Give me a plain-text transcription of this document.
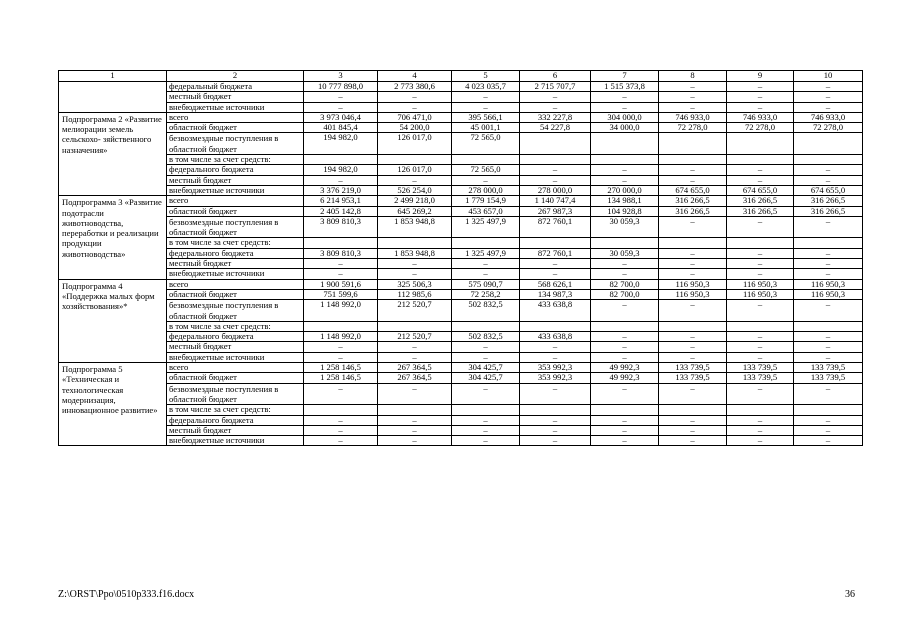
1	2	3	4	5	6	7	8	9	10
	федеральный бюджета	10 777 898,0	2 773 380,6	4 023 035,7	2 715 707,7	1 515 373,8	–	–	–
	местный бюджет	–	–	–	–	–	–	–	–
	внебюджетные источники	–	–	–	–	–	–	–	–
Подпрограмма 2 «Развитие мелиорации земель сельскохо- зяйственного назначения»	всего	3 973 046,4	706 471,0	395 566,1	332 227,8	304 000,0	746 933,0	746 933,0	746 933,0
	областной бюджет	401 845,4	54 200,0	45 001,1	54 227,8	34 000,0	72 278,0	72 278,0	72 278,0
	безвозмездные поступления в областной бюджет	194 982,0	126 017,0	72 565,0					
	в том числе за счет средств:								
	федерального бюджета	194 982,0	126 017,0	72 565,0	–	–	–	–	–
	местный бюджет	–	–	–	–	–	–	–	–
	внебюджетные источники	3 376 219,0	526 254,0	278 000,0	278 000,0	270 000,0	674 655,0	674 655,0	674 655,0
Подпрограмма 3 «Развитие подотрасли животноводства, переработки и реализации продукции животноводства»	всего	6 214 953,1	2 499 218,0	1 779 154,9	1 140 747,4	134 988,1	316 266,5	316 266,5	316 266,5
	областной бюджет	2 405 142,8	645 269,2	453 657,0	267 987,3	104 928,8	316 266,5	316 266,5	316 266,5
	безвозмездные поступления в областной бюджет	3 809 810,3	1 853 948,8	1 325 497,9	872 760,1	30 059,3	–	–	–
	в том числе за счет средств:								
	федерального бюджета	3 809 810,3	1 853 948,8	1 325 497,9	872 760,1	30 059,3	–	–	–
	местный бюджет	–	–	–	–	–	–	–	–
	внебюджетные источники	–	–	–	–	–	–	–	–
Подпрограмма 4 «Поддержка малых форм хозяйствования»*	всего	1 900 591,6	325 506,3	575 090,7	568 626,1	82 700,0	116 950,3	116 950,3	116 950,3
	областной бюджет	751 599,6	112 985,6	72 258,2	134 987,3	82 700,0	116 950,3	116 950,3	116 950,3
	безвозмездные поступления в областной бюджет	1 148 992,0	212 520,7	502 832,5	433 638,8	–	–	–	–
	в том числе за счет средств:								
	федерального бюджета	1 148 992,0	212 520,7	502 832,5	433 638,8	–	–	–	–
	местный бюджет	–	–	–	–	–	–	–	–
	внебюджетные источники	–	–	–	–	–	–	–	–
Подпрограмма 5 «Техническая и технологическая модернизация, инновационное развитие»	всего	1 258 146,5	267 364,5	304 425,7	353 992,3	49 992,3	133 739,5	133 739,5	133 739,5
	областной бюджет	1 258 146,5	267 364,5	304 425,7	353 992,3	49 992,3	133 739,5	133 739,5	133 739,5
	безвозмездные поступления в областной бюджет	–	–	–	–	–	–	–	–
	в том числе за счет средств:								
	федерального бюджета	–	–	–	–	–	–	–	–
	местный бюджет	–	–	–	–	–	–	–	–
	внебюджетные источники	–	–	–	–	–	–	–	–
Z:\ORST\Ppo\0510p333.f16.docx	36
